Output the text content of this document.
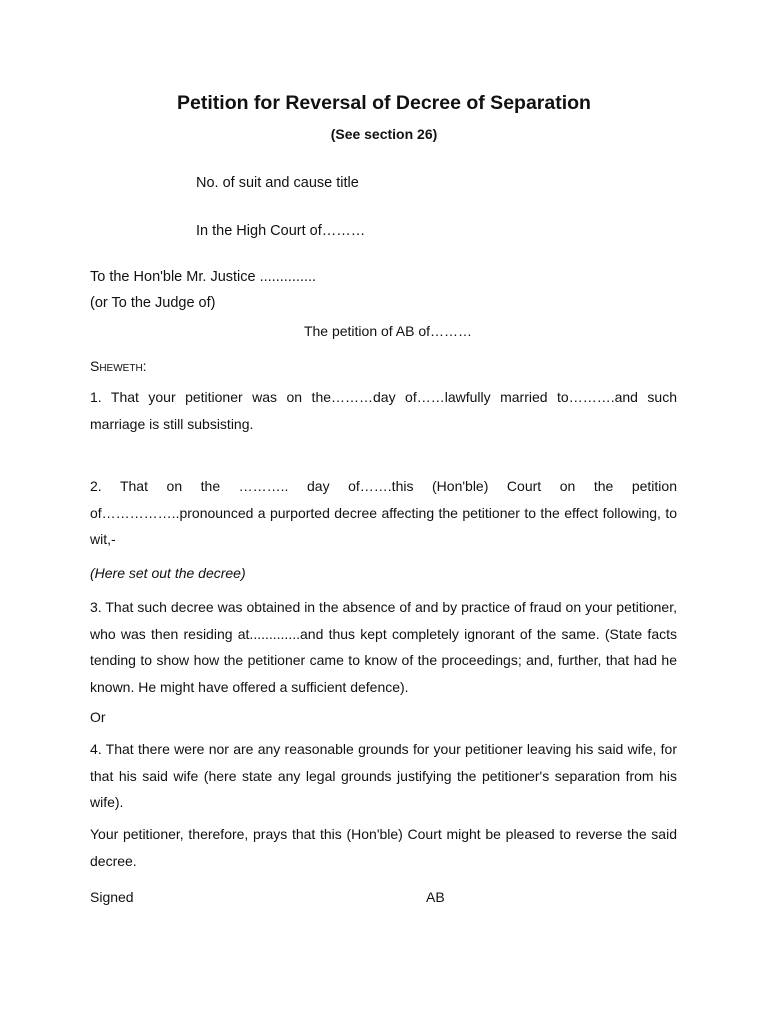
Petition for Reversal of Decree of Separation
(See section 26)
No. of suit and cause title
In the High Court of………
To the Hon'ble Mr. Justice ..............
(or To the Judge of)
The petition of AB of………
Sheweth:
1. That your petitioner was on the………day of……lawfully married to……….and such marriage is still subsisting.
2. That on the ……….. day of…….this (Hon'ble) Court on the petition of……………..pronounced a purported decree affecting the petitioner to the effect following, to wit,-
(Here set out the decree)
3. That such decree was obtained in the absence of and by practice of fraud on your petitioner, who was then residing at.............and thus kept completely ignorant of the same. (State facts tending to show how the petitioner came to know of the proceedings; and, further, that had he known. He might have offered a sufficient defence).
Or
4. That there were nor are any reasonable grounds for your petitioner leaving his said wife, for that his said wife (here state any legal grounds justifying the petitioner's separation from his wife).
Your petitioner, therefore, prays that this (Hon'ble) Court might be pleased to reverse the said decree.
Signed	AB
